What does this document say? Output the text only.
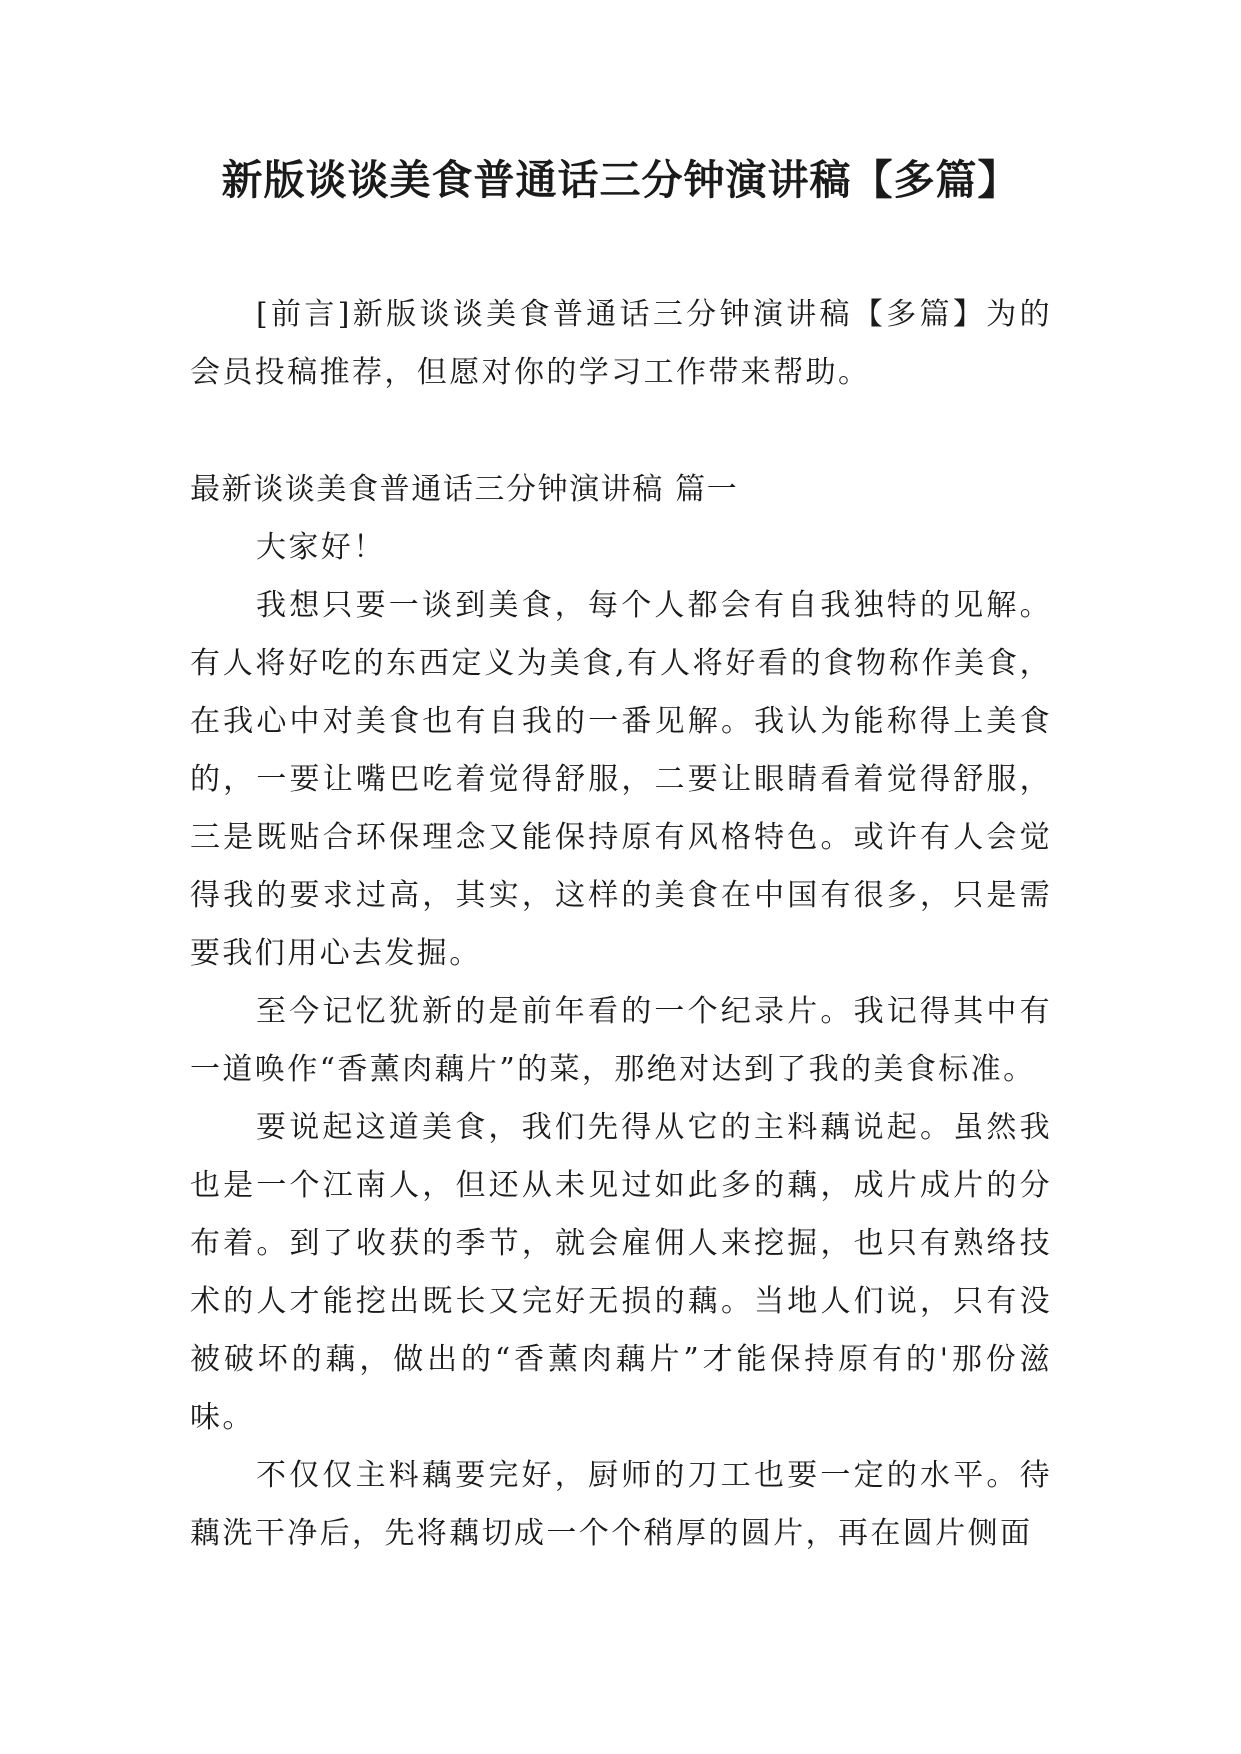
新版谈谈美食普通话三分钟演讲稿【多篇】

[前言]新版谈谈美食普通话三分钟演讲稿【多篇】为的会员投稿推荐，但愿对你的学习工作带来帮助。

最新谈谈美食普通话三分钟演讲稿 篇一

大家好！

我想只要一谈到美食，每个人都会有自我独特的见解。有人将好吃的东西定义为美食,有人将好看的食物称作美食，在我心中对美食也有自我的一番见解。我认为能称得上美食的，一要让嘴巴吃着觉得舒服，二要让眼睛看着觉得舒服，三是既贴合环保理念又能保持原有风格特色。或许有人会觉得我的要求过高，其实，这样的美食在中国有很多，只是需要我们用心去发掘。

至今记忆犹新的是前年看的一个纪录片。我记得其中有一道唤作“香薰肉藕片”的菜，那绝对达到了我的美食标准。

要说起这道美食，我们先得从它的主料藕说起。虽然我也是一个江南人，但还从未见过如此多的藕，成片成片的分布着。到了收获的季节，就会雇佣人来挖掘，也只有熟络技术的人才能挖出既长又完好无损的藕。当地人们说，只有没被破坏的藕，做出的“香薰肉藕片”才能保持原有的'那份滋味。

不仅仅主料藕要完好，厨师的刀工也要一定的水平。待藕洗干净后，先将藕切成一个个稍厚的圆片，再在圆片侧面
